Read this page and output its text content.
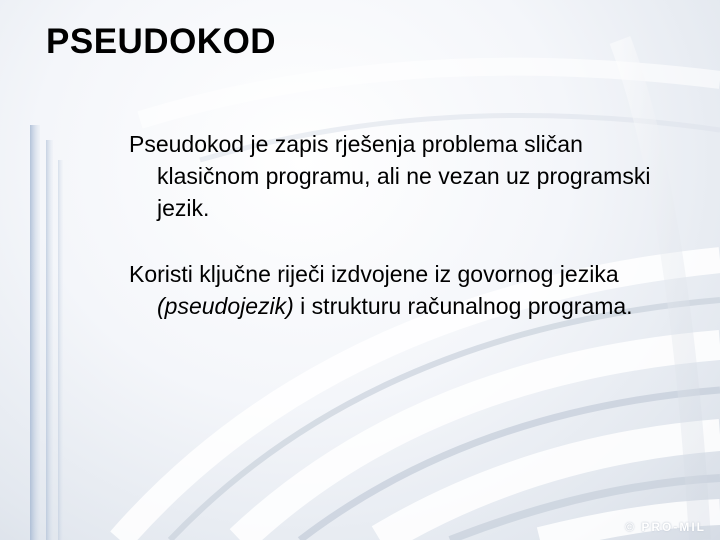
PSEUDOKOD

Pseudokod je zapis rješenja problema sličan klasičnom programu, ali ne vezan uz programski jezik.

Koristi ključne riječi izdvojene iz govornog jezika (pseudojezik) i strukturu računalnog programa.

© PRO-MIL
